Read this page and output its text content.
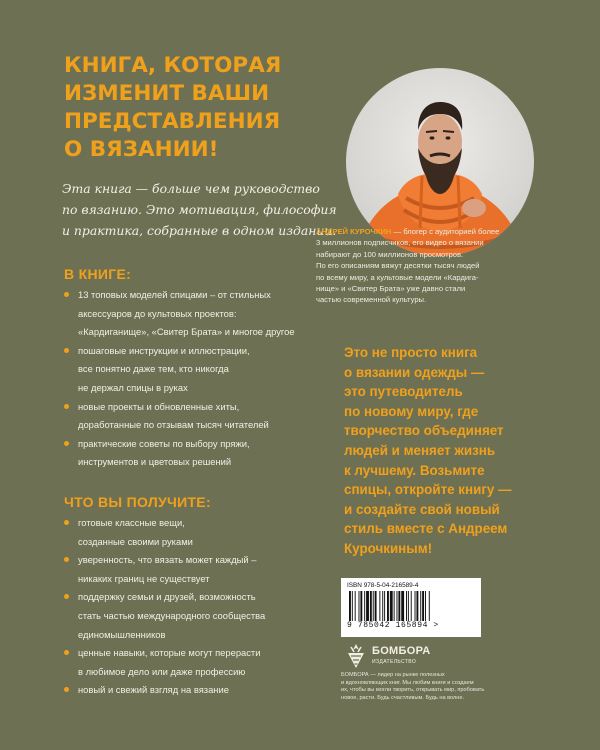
КНИГА, КОТОРАЯ
ИЗМЕНИТ ВАШИ
ПРЕДСТАВЛЕНИЯ
О ВЯЗАНИИ!
Эта книга — больше чем руководство
по вязанию. Это мотивация, философия
и практика, собранные в одном издании.
АНДРЕЙ КУРОЧКИН — блогер с аудиторией более
3 миллионов подписчиков, его видео о вязании
набирают до 100 миллионов просмотров.
По его описаниям вяжут десятки тысяч людей
по всему миру, а культовые модели «Кардига-
нище» и «Свитер Брата» уже давно стали
частью современной культуры.
В КНИГЕ:
13 топовых моделей спицами – от стильных
аксессуаров до культовых проектов:
«Кардиганище», «Свитер Брата» и многое другое
пошаговые инструкции и иллюстрации,
все понятно даже тем, кто никогда
не держал спицы в руках
новые проекты и обновленные хиты,
доработанные по отзывам тысяч читателей
практические советы по выбору пряжи,
инструментов и цветовых решений
ЧТО ВЫ ПОЛУЧИТЕ:
готовые классные вещи,
созданные своими руками
уверенность, что вязать может каждый –
никаких границ не существует
поддержку семьи и друзей, возможность
стать частью международного сообщества
единомышленников
ценные навыки, которые могут перерасти
в любимое дело или даже профессию
новый и свежий взгляд на вязание
Это не просто книга
о вязании одежды —
это путеводитель
по новому миру, где
творчество объединяет
людей и меняет жизнь
к лучшему. Возьмите
спицы, откройте книгу —
и создайте свой новый
стиль вместе с Андреем
Курочкиным!
ISBN 978-5-04-216589-4
9 785042 165894 >
БОМБОРА
ИЗДАТЕЛЬСТВО
БОМБОРА — лидер на рынке полезных
и вдохновляющих книг. Мы любим книги и создаем
их, чтобы вы могли творить, открывать мир, пробовать
новое, расти. Будь счастливым. Будь на волне.
